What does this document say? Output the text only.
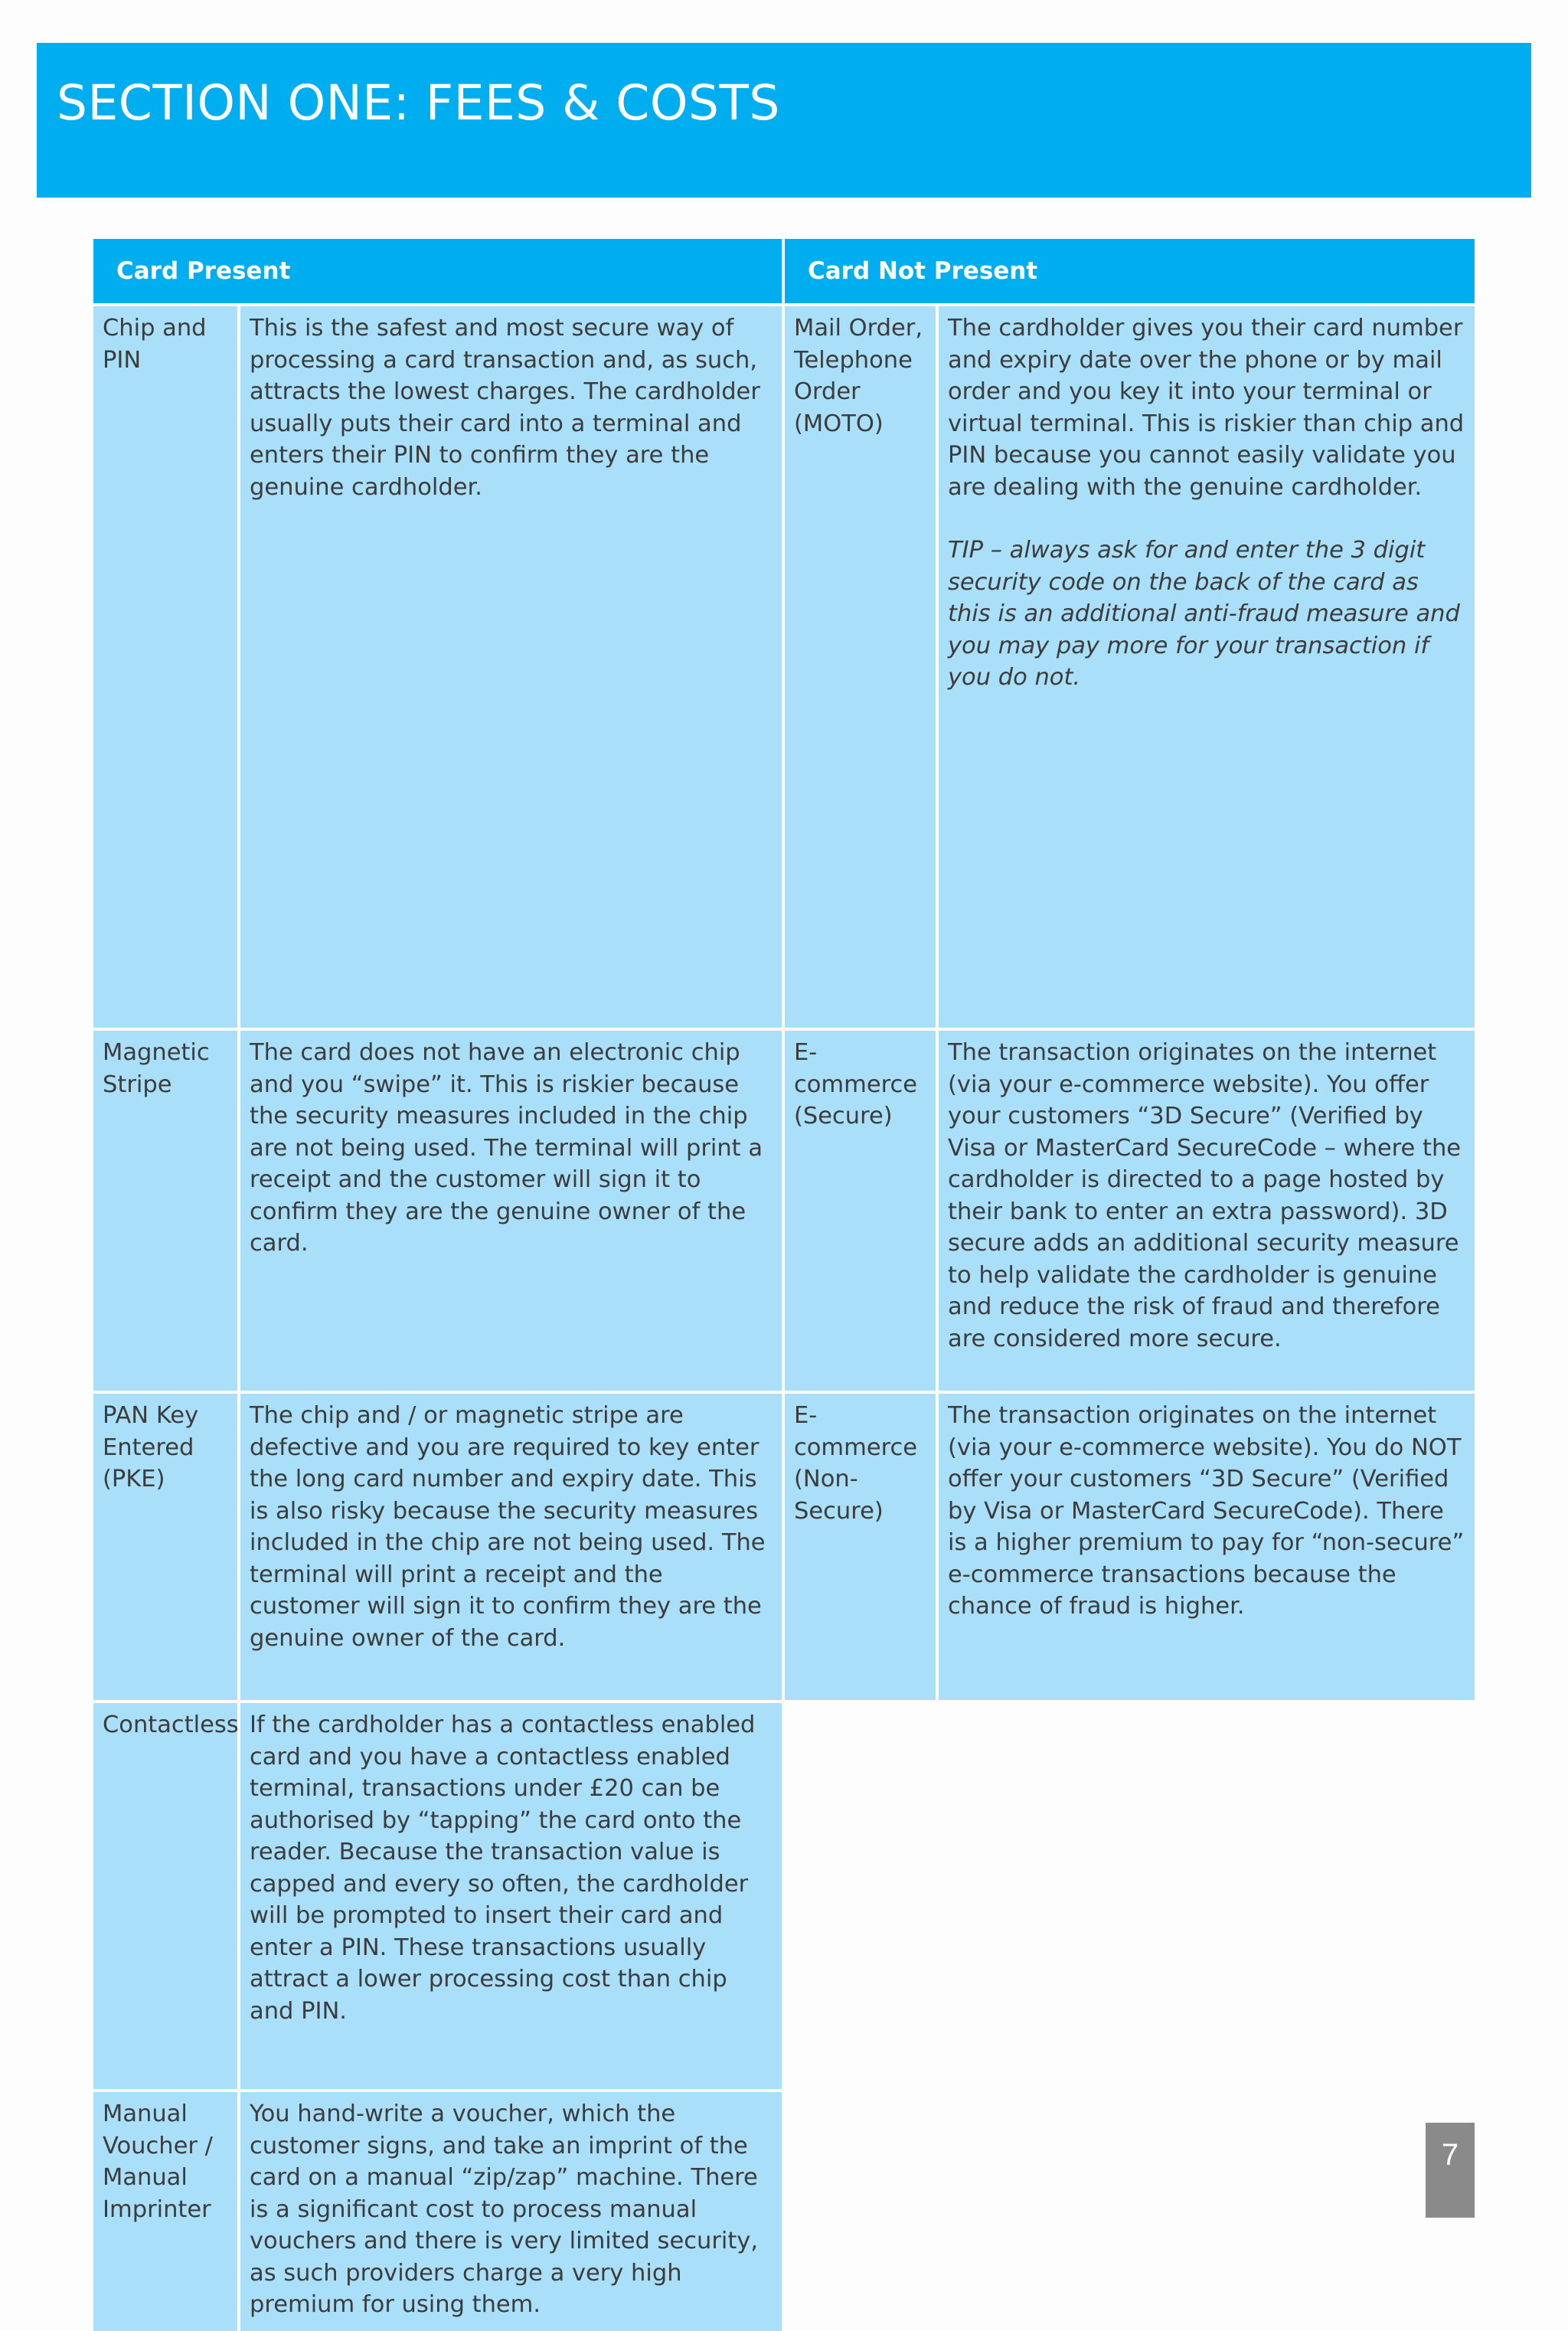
SECTION ONE: FEES & COSTS
Card Present	Card Not Present
Chip and PIN

This is the safest and most secure way of processing a card transaction and, as such, attracts the lowest charges. The cardholder usually puts their card into a terminal and enters their PIN to confirm they are the genuine cardholder.

Magnetic Stripe

The card does not have an electronic chip and you “swipe” it. This is riskier because the security measures included in the chip are not being used. The terminal will print a receipt and the customer will sign it to confirm they are the genuine owner of the card.

PAN Key Entered (PKE)

The chip and / or magnetic stripe are defective and you are required to key enter the long card number and expiry date. This is also risky because the security measures included in the chip are not being used. The terminal will print a receipt and the customer will sign it to confirm they are the genuine owner of the card.

Contactless If the cardholder has a contactless enabled card and you have a contactless enabled terminal, transactions under £20 can be authorised by “tapping” the card onto the reader. Because the transaction value is capped and every so often, the cardholder will be prompted to insert their card and enter a PIN. These transactions usually attract a lower processing cost than chip and PIN.

Manual Voucher / Manual Imprinter

You hand-write a voucher, which the customer signs, and take an imprint of the card on a manual “zip/zap” machine. There is a significant cost to process manual vouchers and there is very limited security, as such providers charge a very high premium for using them.

Mail Order, Telephone Order (MOTO)

The cardholder gives you their card number and expiry date over the phone or by mail order and you key it into your terminal or virtual terminal. This is riskier than chip and PIN because you cannot easily validate you are dealing with the genuine cardholder.

TIP – always ask for and enter the 3 digit security code on the back of the card as this is an additional anti-fraud measure and you may pay more for your transaction if you do not.

E-commerce (Secure)

The transaction originates on the internet (via your e-commerce website). You offer your customers “3D Secure” (Verified by Visa or MasterCard SecureCode – where the cardholder is directed to a page hosted by their bank to enter an extra password). 3D secure adds an additional security measure to help validate the cardholder is genuine and reduce the risk of fraud and therefore are considered more secure.

E-commerce (Non-Secure)

The transaction originates on the internet (via your e-commerce website). You do NOT offer your customers “3D Secure” (Verified by Visa or MasterCard SecureCode). There is a higher premium to pay for “non-secure” e-commerce transactions because the chance of fraud is higher.

7
